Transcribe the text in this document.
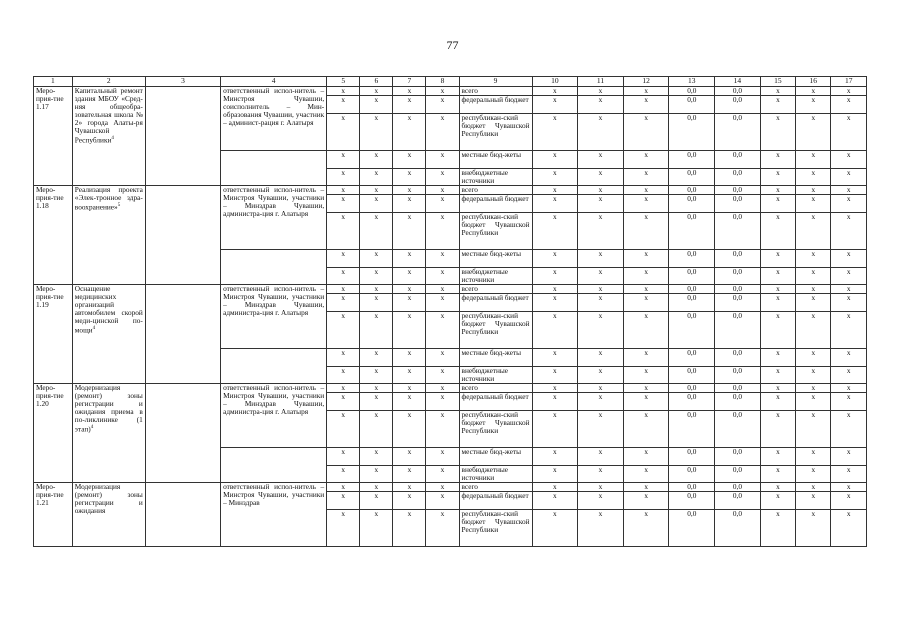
77
1	2	3	4	5	6	7	8	9	10	11	12	13	14	15	16	17
Меро-прия-тие 1.17	Капитальный ремонт здания МБОУ «Сред-няя общеобра-зовательная школа № 2» города Алаты-ря Чувашской Республики$^4$		ответственный испол-нитель – Минстроя Чувашии, соисполнитель – Мин-образования Чувашии, участник – админист-рация г. Алатыря	x	x	x	x	всего	x	x	x	0,0	0,0	x	x	x
				x	x	x	x	федеральный бюджет	x	x	x	0,0	0,0	x	x	x
				x	x	x	x	республикан-ский бюджет Чувашской Республики	x	x	x	0,0	0,0	x	x	x
				x	x	x	x	местные бюд-жеты	x	x	x	0,0	0,0	x	x	x
				x	x	x	x	внебюджетные источники	x	x	x	0,0	0,0	x	x	x
Меро-прия-тие 1.18	Реализация проекта «Элек-тронное здра-воохранение»$^5$		ответственный испол-нитель – Минстроя Чувашии, участники – Минздрав Чувашии, администра-ция г. Алатыря	x	x	x	x	всего	x	x	x	0,0	0,0	x	x	x
				x	x	x	x	федеральный бюджет	x	x	x	0,0	0,0	x	x	x
				x	x	x	x	республикан-ский бюджет Чувашской Республики	x	x	x	0,0	0,0	x	x	x
				x	x	x	x	местные бюд-жеты	x	x	x	0,0	0,0	x	x	x
				x	x	x	x	внебюджетные источники	x	x	x	0,0	0,0	x	x	x
Меро-прия-тие 1.19	Оснащение медицинских организаций автомобилем скорой меди-цинской по-мощи$^4$		ответственный испол-нитель – Минстроя Чувашии, участники – Минздрав Чувашии, администра-ция г. Алатыря	x	x	x	x	всего	x	x	x	0,0	0,0	x	x	x
				x	x	x	x	федеральный бюджет	x	x	x	0,0	0,0	x	x	x
				x	x	x	x	республикан-ский бюджет Чувашской Республики	x	x	x	0,0	0,0	x	x	x
				x	x	x	x	местные бюд-жеты	x	x	x	0,0	0,0	x	x	x
				x	x	x	x	внебюджетные источники	x	x	x	0,0	0,0	x	x	x
Меро-прия-тие 1.20	Модернизация (ремонт) зоны регистрации и ожидания приема в по-ликлинике (1 этап)$^4$		ответственный испол-нитель – Минстроя Чувашии, участники – Минздрав Чувашии, администра-ция г. Алатыря	x	x	x	x	всего	x	x	x	0,0	0,0	x	x	x
				x	x	x	x	федеральный бюджет	x	x	x	0,0	0,0	x	x	x
				x	x	x	x	республикан-ский бюджет Чувашской Республики	x	x	x	0,0	0,0	x	x	x
				x	x	x	x	местные бюд-жеты	x	x	x	0,0	0,0	x	x	x
				x	x	x	x	внебюджетные источники	x	x	x	0,0	0,0	x	x	x
Меро-прия-тие 1.21	Модернизация (ремонт) зоны регистрации и ожидания		ответственный испол-нитель – Минстроя Чувашии, участники – Минздрав	x	x	x	x	всего	x	x	x	0,0	0,0	x	x	x
				x	x	x	x	федеральный бюджет	x	x	x	0,0	0,0	x	x	x
				x	x	x	x	республикан-ский бюджет Чувашской Республики	x	x	x	0,0	0,0	x	x	x
